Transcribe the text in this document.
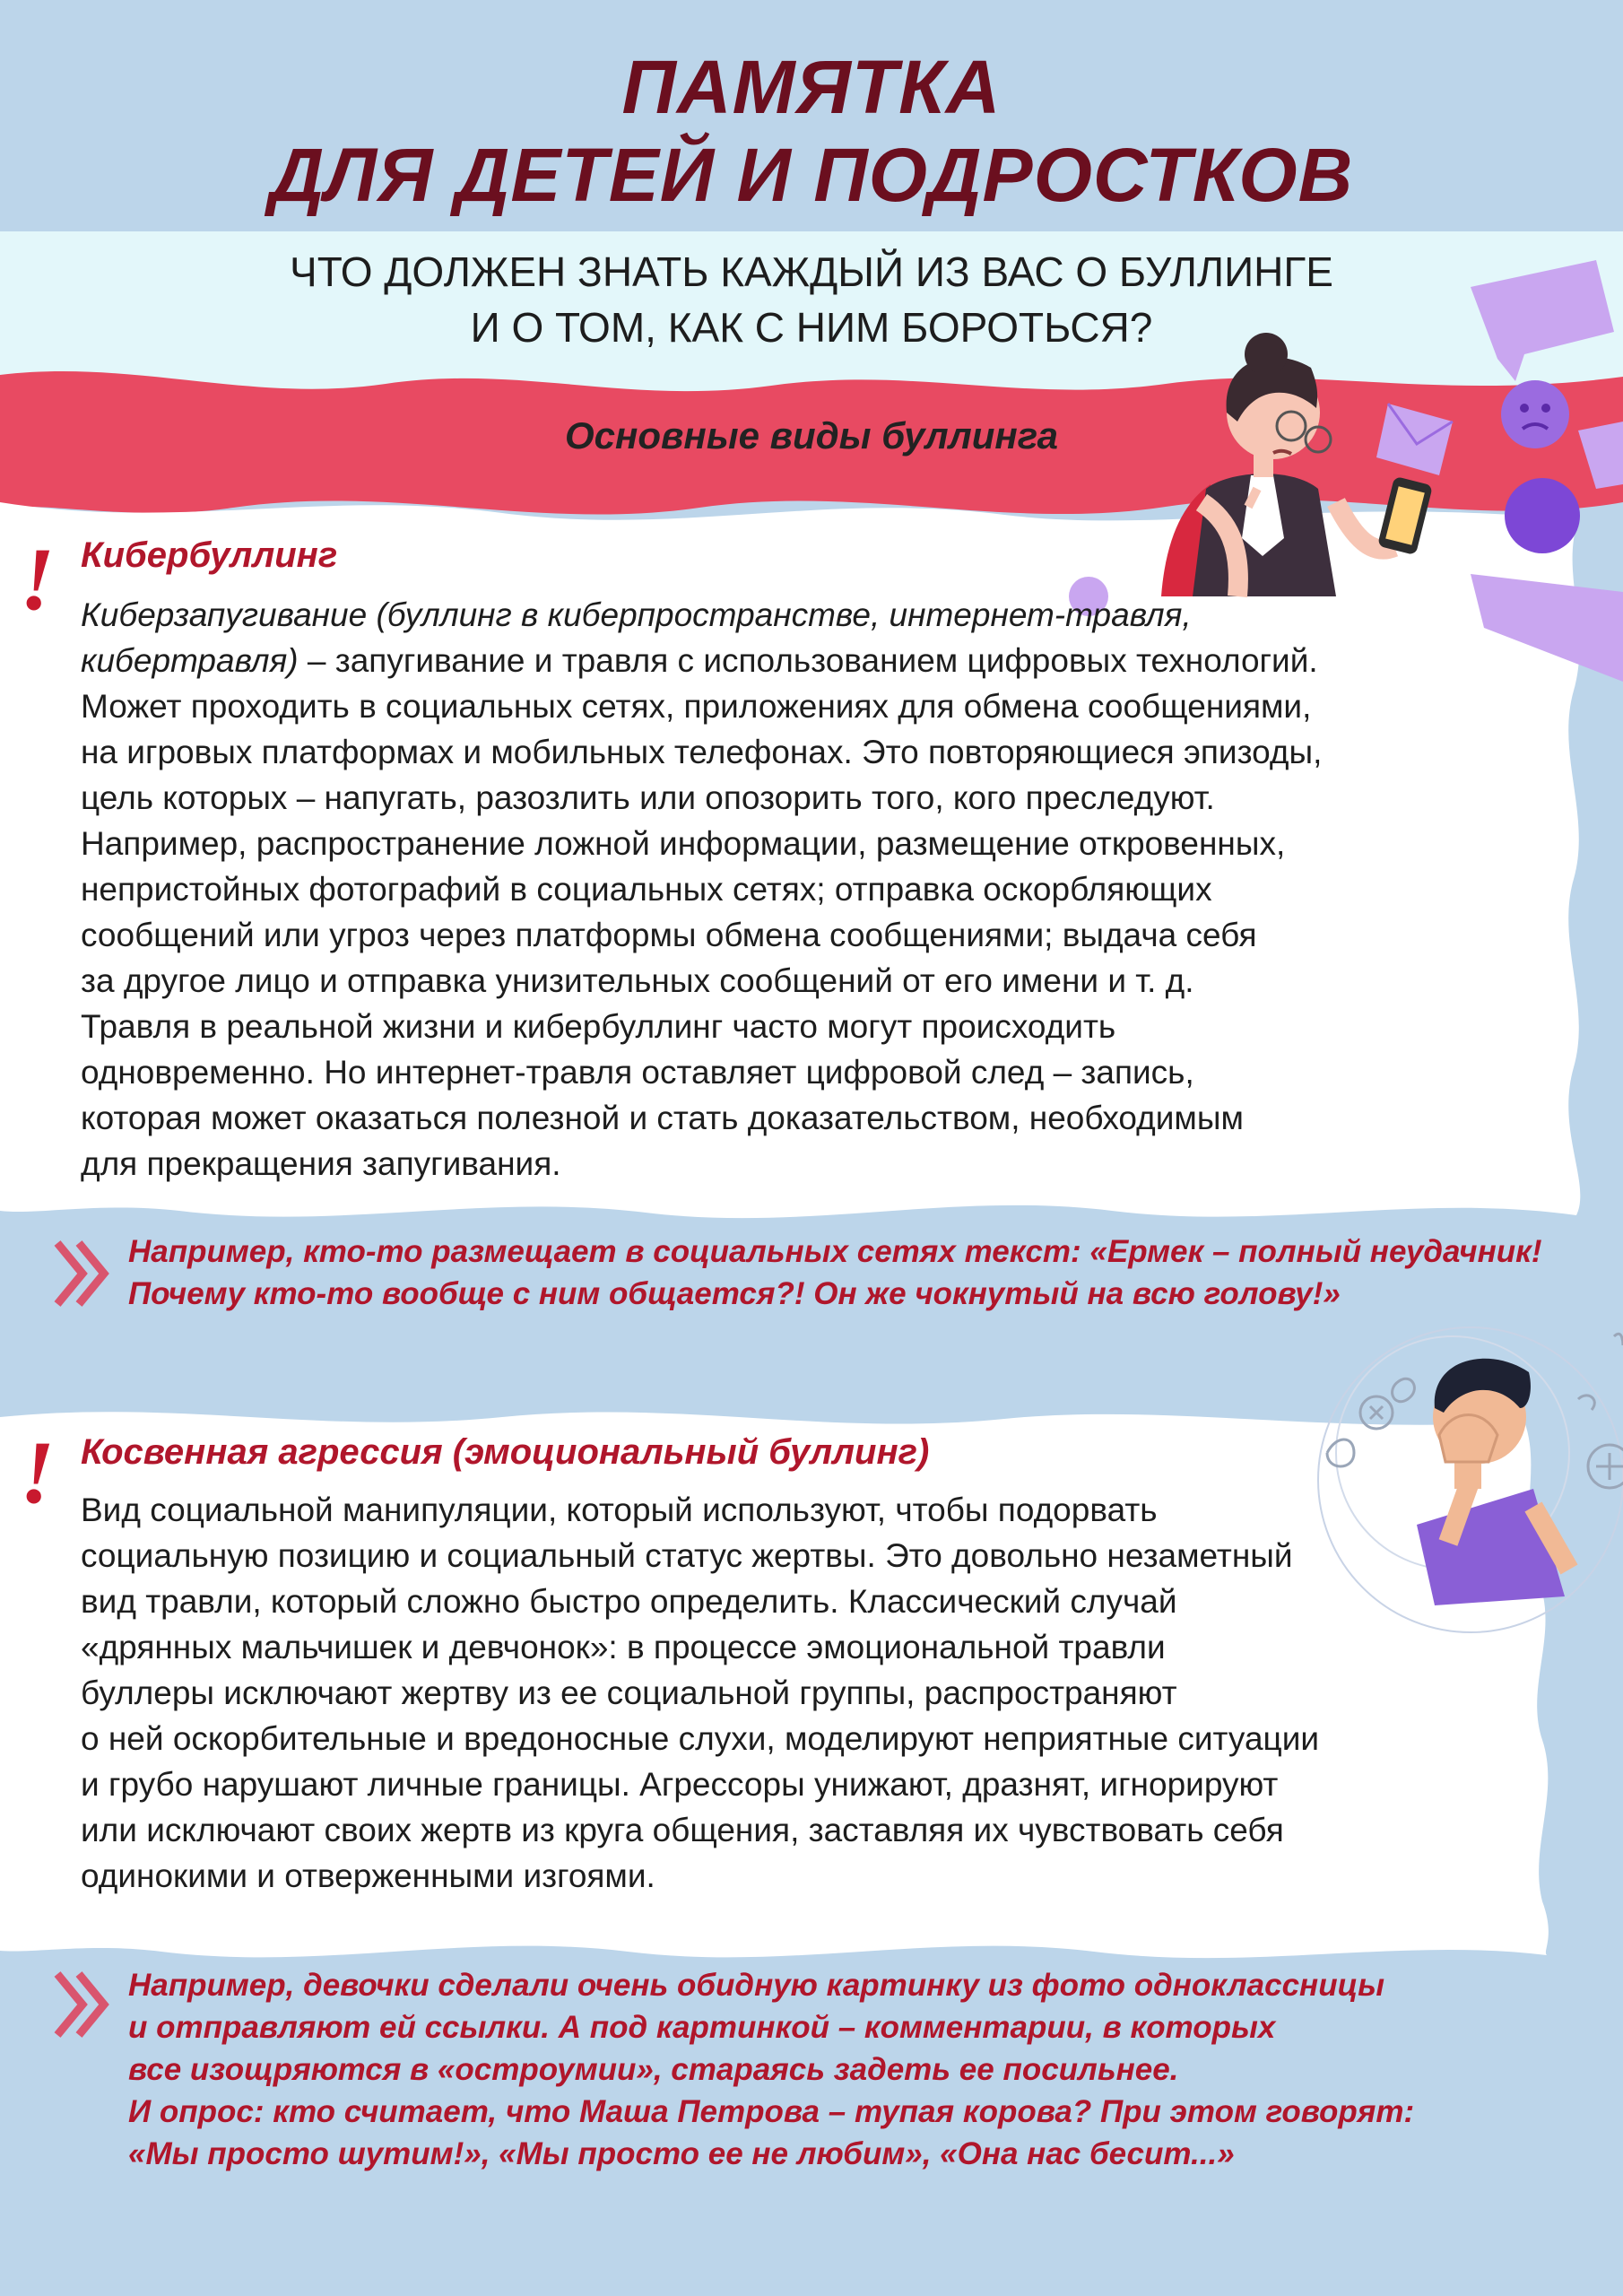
ПАМЯТКА
ДЛЯ ДЕТЕЙ И ПОДРОСТКОВ
ЧТО ДОЛЖЕН ЗНАТЬ КАЖДЫЙ ИЗ ВАС О БУЛЛИНГЕ
И О ТОМ, КАК С НИМ БОРОТЬСЯ?
Основные виды буллинга
! Кибербуллинг
Киберзапугивание (буллинг в киберпространстве, интернет-травля,
кибертравля) – запугивание и травля с использованием цифровых технологий.
Может проходить в социальных сетях, приложениях для обмена сообщениями,
на игровых платформах и мобильных телефонах. Это повторяющиеся эпизоды,
цель которых – напугать, разозлить или опозорить того, кого преследуют.
Например, распространение ложной информации, размещение откровенных,
непристойных фотографий в социальных сетях; отправка оскорбляющих
сообщений или угроз через платформы обмена сообщениями; выдача себя
за другое лицо и отправка унизительных сообщений от его имени и т. д.
Травля в реальной жизни и кибербуллинг часто могут происходить
одновременно. Но интернет-травля оставляет цифровой след – запись,
которая может оказаться полезной и стать доказательством, необходимым
для прекращения запугивания.
Например, кто-то размещает в социальных сетях текст: «Ермек – полный неудачник!
Почему кто-то вообще с ним общается?! Он же чокнутый на всю голову!»
! Косвенная агрессия (эмоциональный буллинг)
Вид социальной манипуляции, который используют, чтобы подорвать
социальную позицию и социальный статус жертвы. Это довольно незаметный
вид травли, который сложно быстро определить. Классический случай
«дрянных мальчишек и девчонок»: в процессе эмоциональной травли
буллеры исключают жертву из ее социальной группы, распространяют
о ней оскорбительные и вредоносные слухи, моделируют неприятные ситуации
и грубо нарушают личные границы. Агрессоры унижают, дразнят, игнорируют
или исключают своих жертв из круга общения, заставляя их чувствовать себя
одинокими и отверженными изгоями.
Например, девочки сделали очень обидную картинку из фото одноклассницы
и отправляют ей ссылки. А под картинкой – комментарии, в которых
все изощряются в «остроумии», стараясь задеть ее посильнее.
И опрос: кто считает, что Маша Петрова – тупая корова? При этом говорят:
«Мы просто шутим!», «Мы просто ее не любим», «Она нас бесит...»
